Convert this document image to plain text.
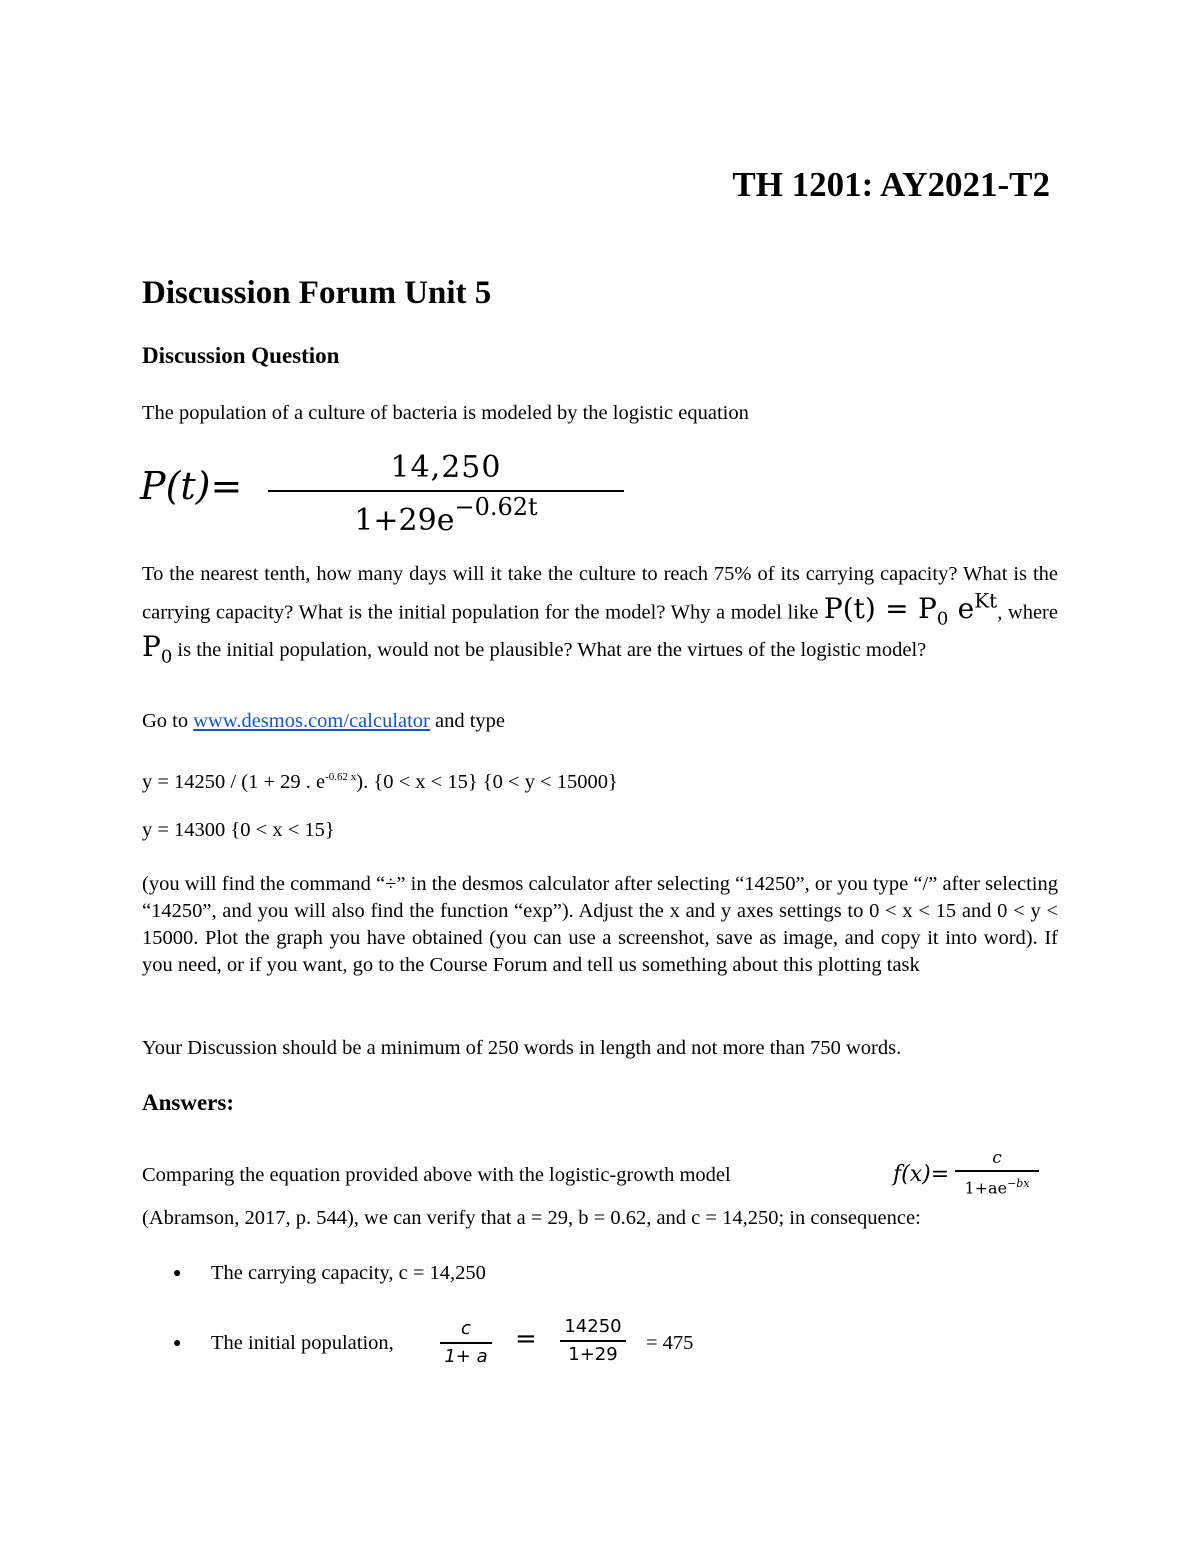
TH 1201: AY2021-T2
Discussion Forum Unit 5
Discussion Question

The population of a culture of bacteria is modeled by the logistic equation

P(t)=	14,250
$1+29e^{-0.62t}$

To the nearest tenth, how many days will it take the culture to reach 75% of its carrying capacity? What is the carrying capacity? What is the initial population for the model? Why a model like $P(t) = P_0$ $e^{Kt}$, where $P_0$ is the initial population, would not be plausible? What are the virtues of the logistic model?

Go to www.desmos.com/calculator and type

y = 14250 / (1 + 29 . $e^{-0.62 x}$). {0 < x < 15} {0 < y < 15000}

y = 14300 {0 < x < 15}

(you will find the command “÷” in the desmos calculator after selecting “14250”, or you type “/” after selecting “14250”, and you will also find the function “exp”). Adjust the x and y axes settings to 0 < x < 15 and 0 < y < 15000. Plot the graph you have obtained (you can use a screenshot, save as image, and copy it into word). If you need, or if you want, go to the Course Forum and tell us something about this plotting task

Your Discussion should be a minimum of 250 words in length and not more than 750 words.

Answers:

Comparing the equation provided above with the logistic-growth model	f(x)=
c
$1+ae^{-bx}$

(Abramson, 2017, p. 544), we can verify that a = 29, b = 0.62, and c = 14,250; in consequence:

● The carrying capacity, c = 14,250

● The initial population,

c
1+ a
= 14250
1+29	= 475
